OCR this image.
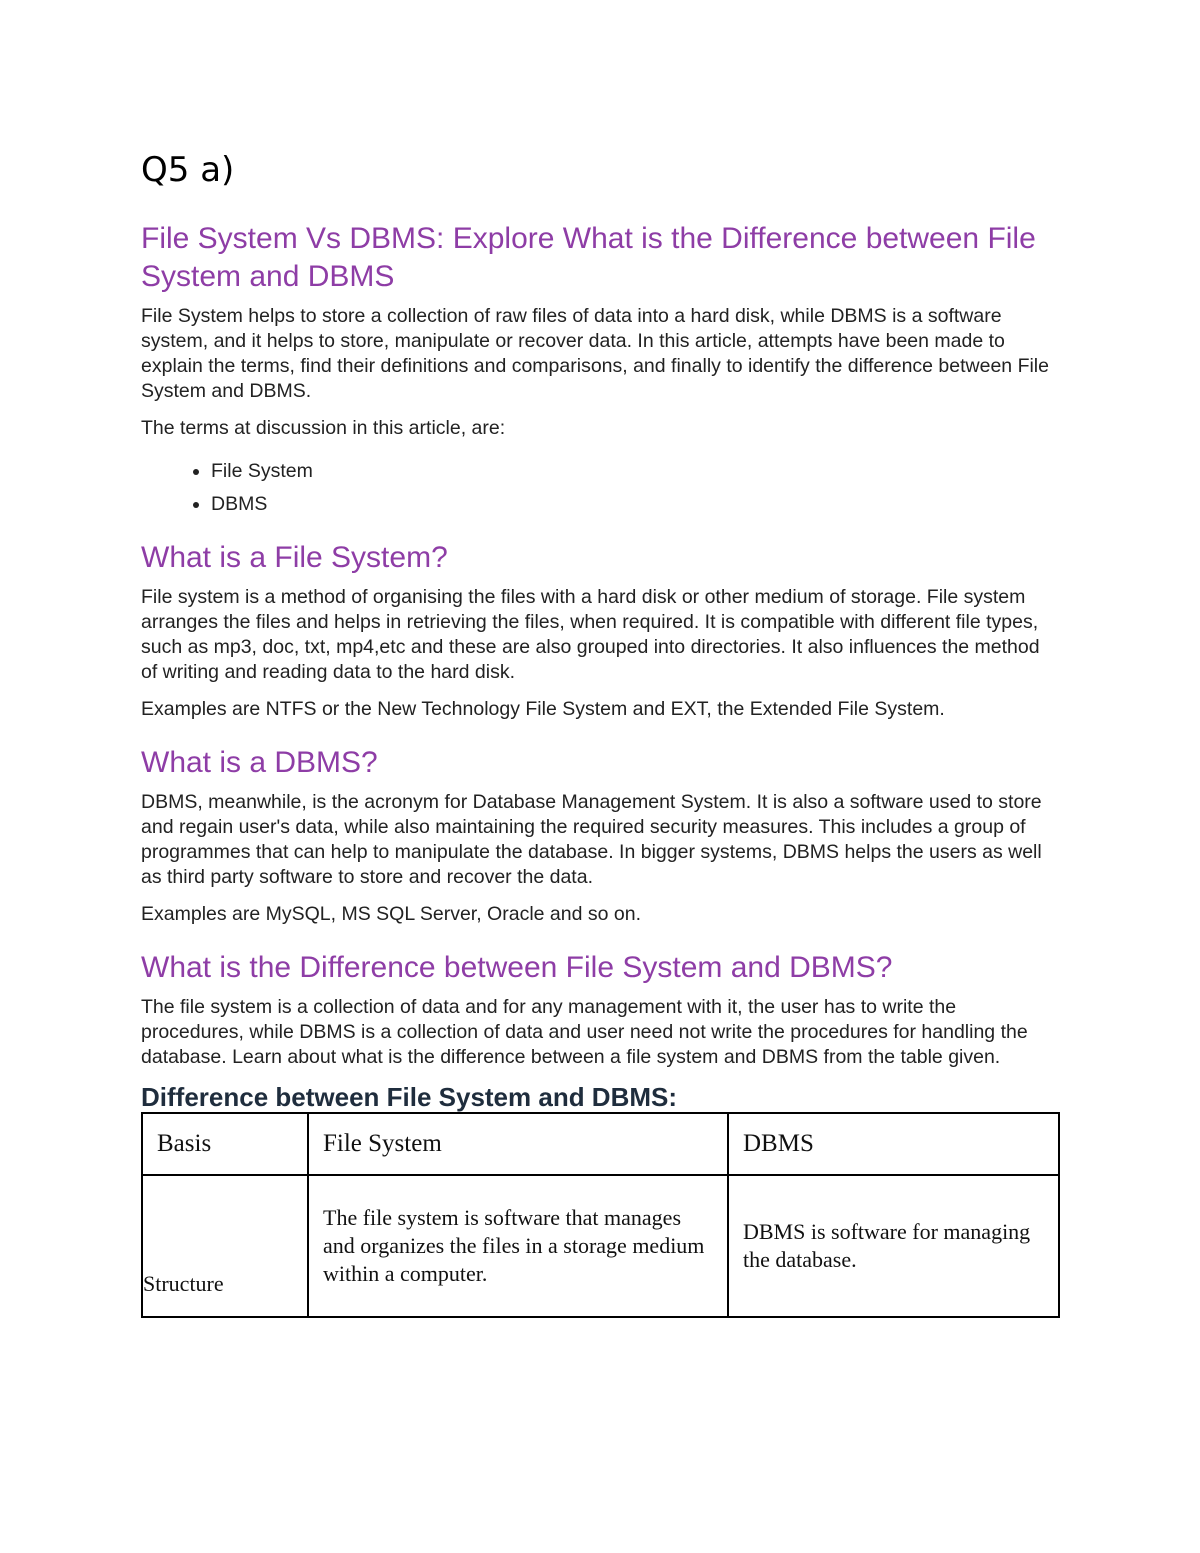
Q5 a)
File System Vs DBMS: Explore What is the Difference between File System and DBMS

File System helps to store a collection of raw files of data into a hard disk, while DBMS is a software system, and it helps to store, manipulate or recover data. In this article, attempts have been made to explain the terms, find their definitions and comparisons, and finally to identify the difference between File System and DBMS.

The terms at discussion in this article, are:

• File System
• DBMS
What is a File System?

File system is a method of organising the files with a hard disk or other medium of storage. File system arranges the files and helps in retrieving the files, when required. It is compatible with different file types, such as mp3, doc, txt, mp4,etc and these are also grouped into directories. It also influences the method of writing and reading data to the hard disk.

Examples are NTFS or the New Technology File System and EXT, the Extended File System.

What is a DBMS?

DBMS, meanwhile, is the acronym for Database Management System. It is also a software used to store and regain user's data, while also maintaining the required security measures. This includes a group of programmes that can help to manipulate the database. In bigger systems, DBMS helps the users as well as third party software to store and recover the data.

Examples are MySQL, MS SQL Server, Oracle and so on.

What is the Difference between File System and DBMS?

The file system is a collection of data and for any management with it, the user has to write the procedures, while DBMS is a collection of data and user need not write the procedures for handling the database. Learn about what is the difference between a file system and DBMS from the table given.

Difference between File System and DBMS:
Basis	File System	DBMS
Structure	The file system is software that manages and organizes the files in a storage medium within a computer.	DBMS is software for managing the database.
